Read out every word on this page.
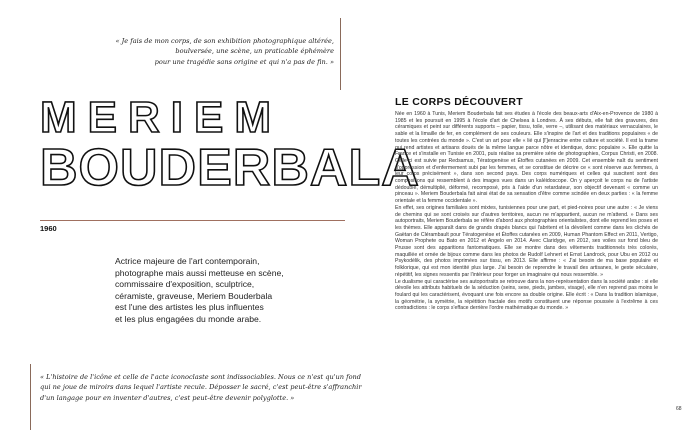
« Je fais de mon corps, de son exhibition photographique altérée,
boulversée, une scène, un praticable éphémère
pour une tragédie sans origine et qui n'a pas de fin. »
MERIEM
BOUDERBALA
1960
Actrice majeure de l'art contemporain,
photographe mais aussi metteuse en scène,
commissaire d'exposition, sculptrice,
céramiste, graveuse, Meriem Bouderbala
est l'une des artistes les plus influentes
et les plus engagées du monde arabe.
« L'histoire de l'icône et celle de l'acte iconoclaste sont indissociables. Nous ce n'est qu'un fond
qui ne joue de miroirs dans lequel l'artiste recule. Déposser le sacré, c'est peut-être s'affranchir
d'un langage pour en inventer d'autres, c'est peut-être devenir polyglotte. »
LE CORPS DÉCOUVERT

Née en 1960 à Tunis, Meriem Bouderbala fait ses études à l'école des beaux-arts d'Aix-en-Provence de 1980 à 1985 et les poursuit en 1995 à l'école d'art de Chelsea à Londres. À ses débuts, elle fait des gravures, des céramiques et peint sur différents supports – papier, tissu, toile, verre –, utilisant des matériaux vernaculaires, le sable et la limaille de fer, en complément de ses couleurs. Elle s'inspire de l'art et des traditions populaires « de toutes les contrées du monde ». C'est un art pour elle « lié qui [l']enracine entre culture et société. Il est la trame qui rend artistes et artisans doués de la même langue parce nôtre et identique, donc populaire ». Elle quitte la France et s'installe en Tunisie en 2001, puis réalise sa première série de photographies, Corpus Christi, en 2008. Celle-ci est suivie par Redsamus, Tératogenèse et Étoffes cutanées en 2009. Cet ensemble naît du sentiment d'oppression et d'enfermement subi par les femmes, et se constitue de décrire ce « sont réserve aux femmes, à leur corps précisément », dans son second pays. Des corps numériques et celles qui suscitent sont des compositions qui ressemblent à des images vues dans un kaléidoscope. On y aperçoit le corps nu de l'artiste dédoublé, démultiplié, déformé, recomposé, pris à l'aide d'un retardateur, son objectif devenant « comme un pinceau ». Meriem Bouderbala fait ainsi état de sa sensation d'être comme scindée en deux parties : « la femme orientale et la femme occidentale ».

En effet, ses origines familiales sont mixtes, tunisiennes pour une part, et pied-noires pour une autre : « Je viens de chemins qui se sont croisés sur d'autres territoires, aucun ne m'appartient, aucun ne m'attend. » Dans ses autoportraits, Meriem Bouderbala se réfère d'abord aux photographies orientalistes, dont elle reprend les poses et les thèmes. Elle apparaît dans de grands drapés blancs qui l'abritent et la dévoilent comme dans les clichés de Gaëtan de Clérambault pour Tératogenèse et Étoffes cutanées en 2009, Human Phantom Effect en 2011, Vertigo, Woman Prophete ou Bato en 2012 et Angelo en 2014. Avec Claridyge, en 2012, ses voiles sur fond bleu de Prusse sont des apparitions fantomatiques. Elle se montre dans des vêtements traditionnels très colorés, maquillée et ornée de bijoux comme dans les photos de Rudolf Lehnert et Ernst Landrock, pour Ubu en 2012 ou Psykodélik, des photos imprimées sur tissu, en 2013. Elle affirme : « J'ai besoin de ma base populaire et folklorique, qui est mon identité plus large. J'ai besoin de reprendre le travail des artisanes, le geste séculaire, répétitif, les signes ressentis par l'intérieur pour forger un imaginaire qui nous ressemble. »

Le dualisme qui caractérise ses autoportraits se retrouve dans la non-représentation dans la société arabe : si elle dévoile les attributs habituels de la séduction (seins, sexe, pieds, jambes, visage), elle n'en reprend pas moins le foulard qui les caractérisent, évoquant une fois encore sa double origine. Elle écrit : « Dans la tradition islamique, la géométrie, la symétrie, la répétition fractale des motifs constituent une réponse poussée à l'extrême à ces contradictions : le corps s'efface derrière l'ordre mathématique du monde. »

68
